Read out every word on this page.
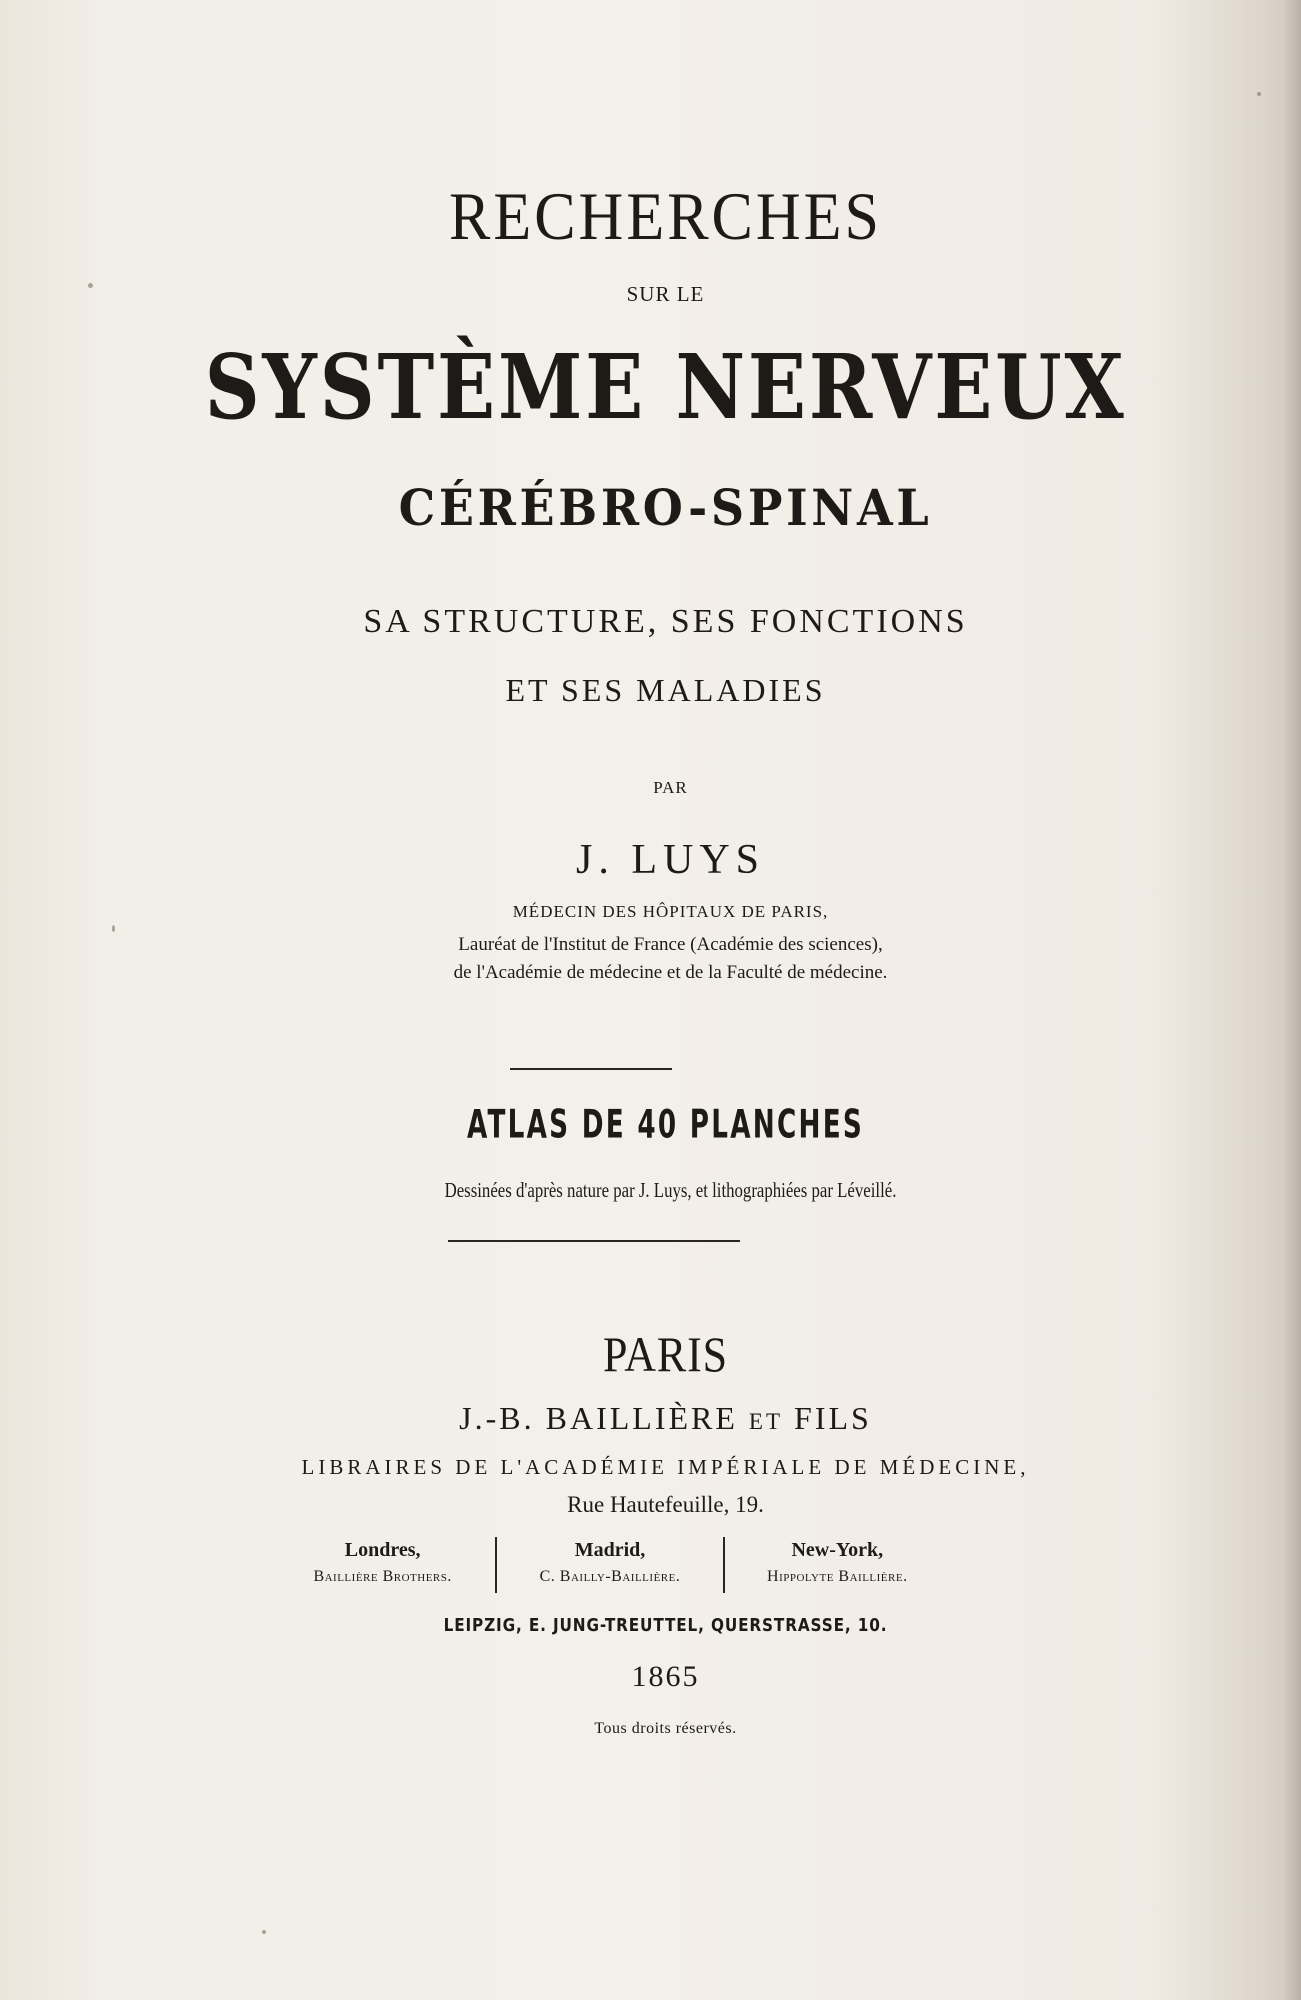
RECHERCHES
SUR LE
SYSTÈME NERVEUX
CÉRÉBRO-SPINAL
SA STRUCTURE, SES FONCTIONS
ET SES MALADIES
PAR
J. LUYS
MÉDECIN DES HÔPITAUX DE PARIS,
Lauréat de l'Institut de France (Académie des sciences),
de l'Académie de médecine et de la Faculté de médecine.
ATLAS DE 40 PLANCHES
Dessinées d'après nature par J. Luys, et lithographiées par Léveillé.
PARIS
J.-B. BAILLIÈRE ET FILS
LIBRAIRES DE L'ACADÉMIE IMPÉRIALE DE MÉDECINE,
Rue Hautefeuille, 19.
Londres,
Baillière Brothers.
Madrid,
C. Bailly-Baillière.
New-York,
Hippolyte Baillière.
LEIPZIG, E. JUNG-TREUTTEL, QUERSTRASSE, 10.
1865
Tous droits réservés.
